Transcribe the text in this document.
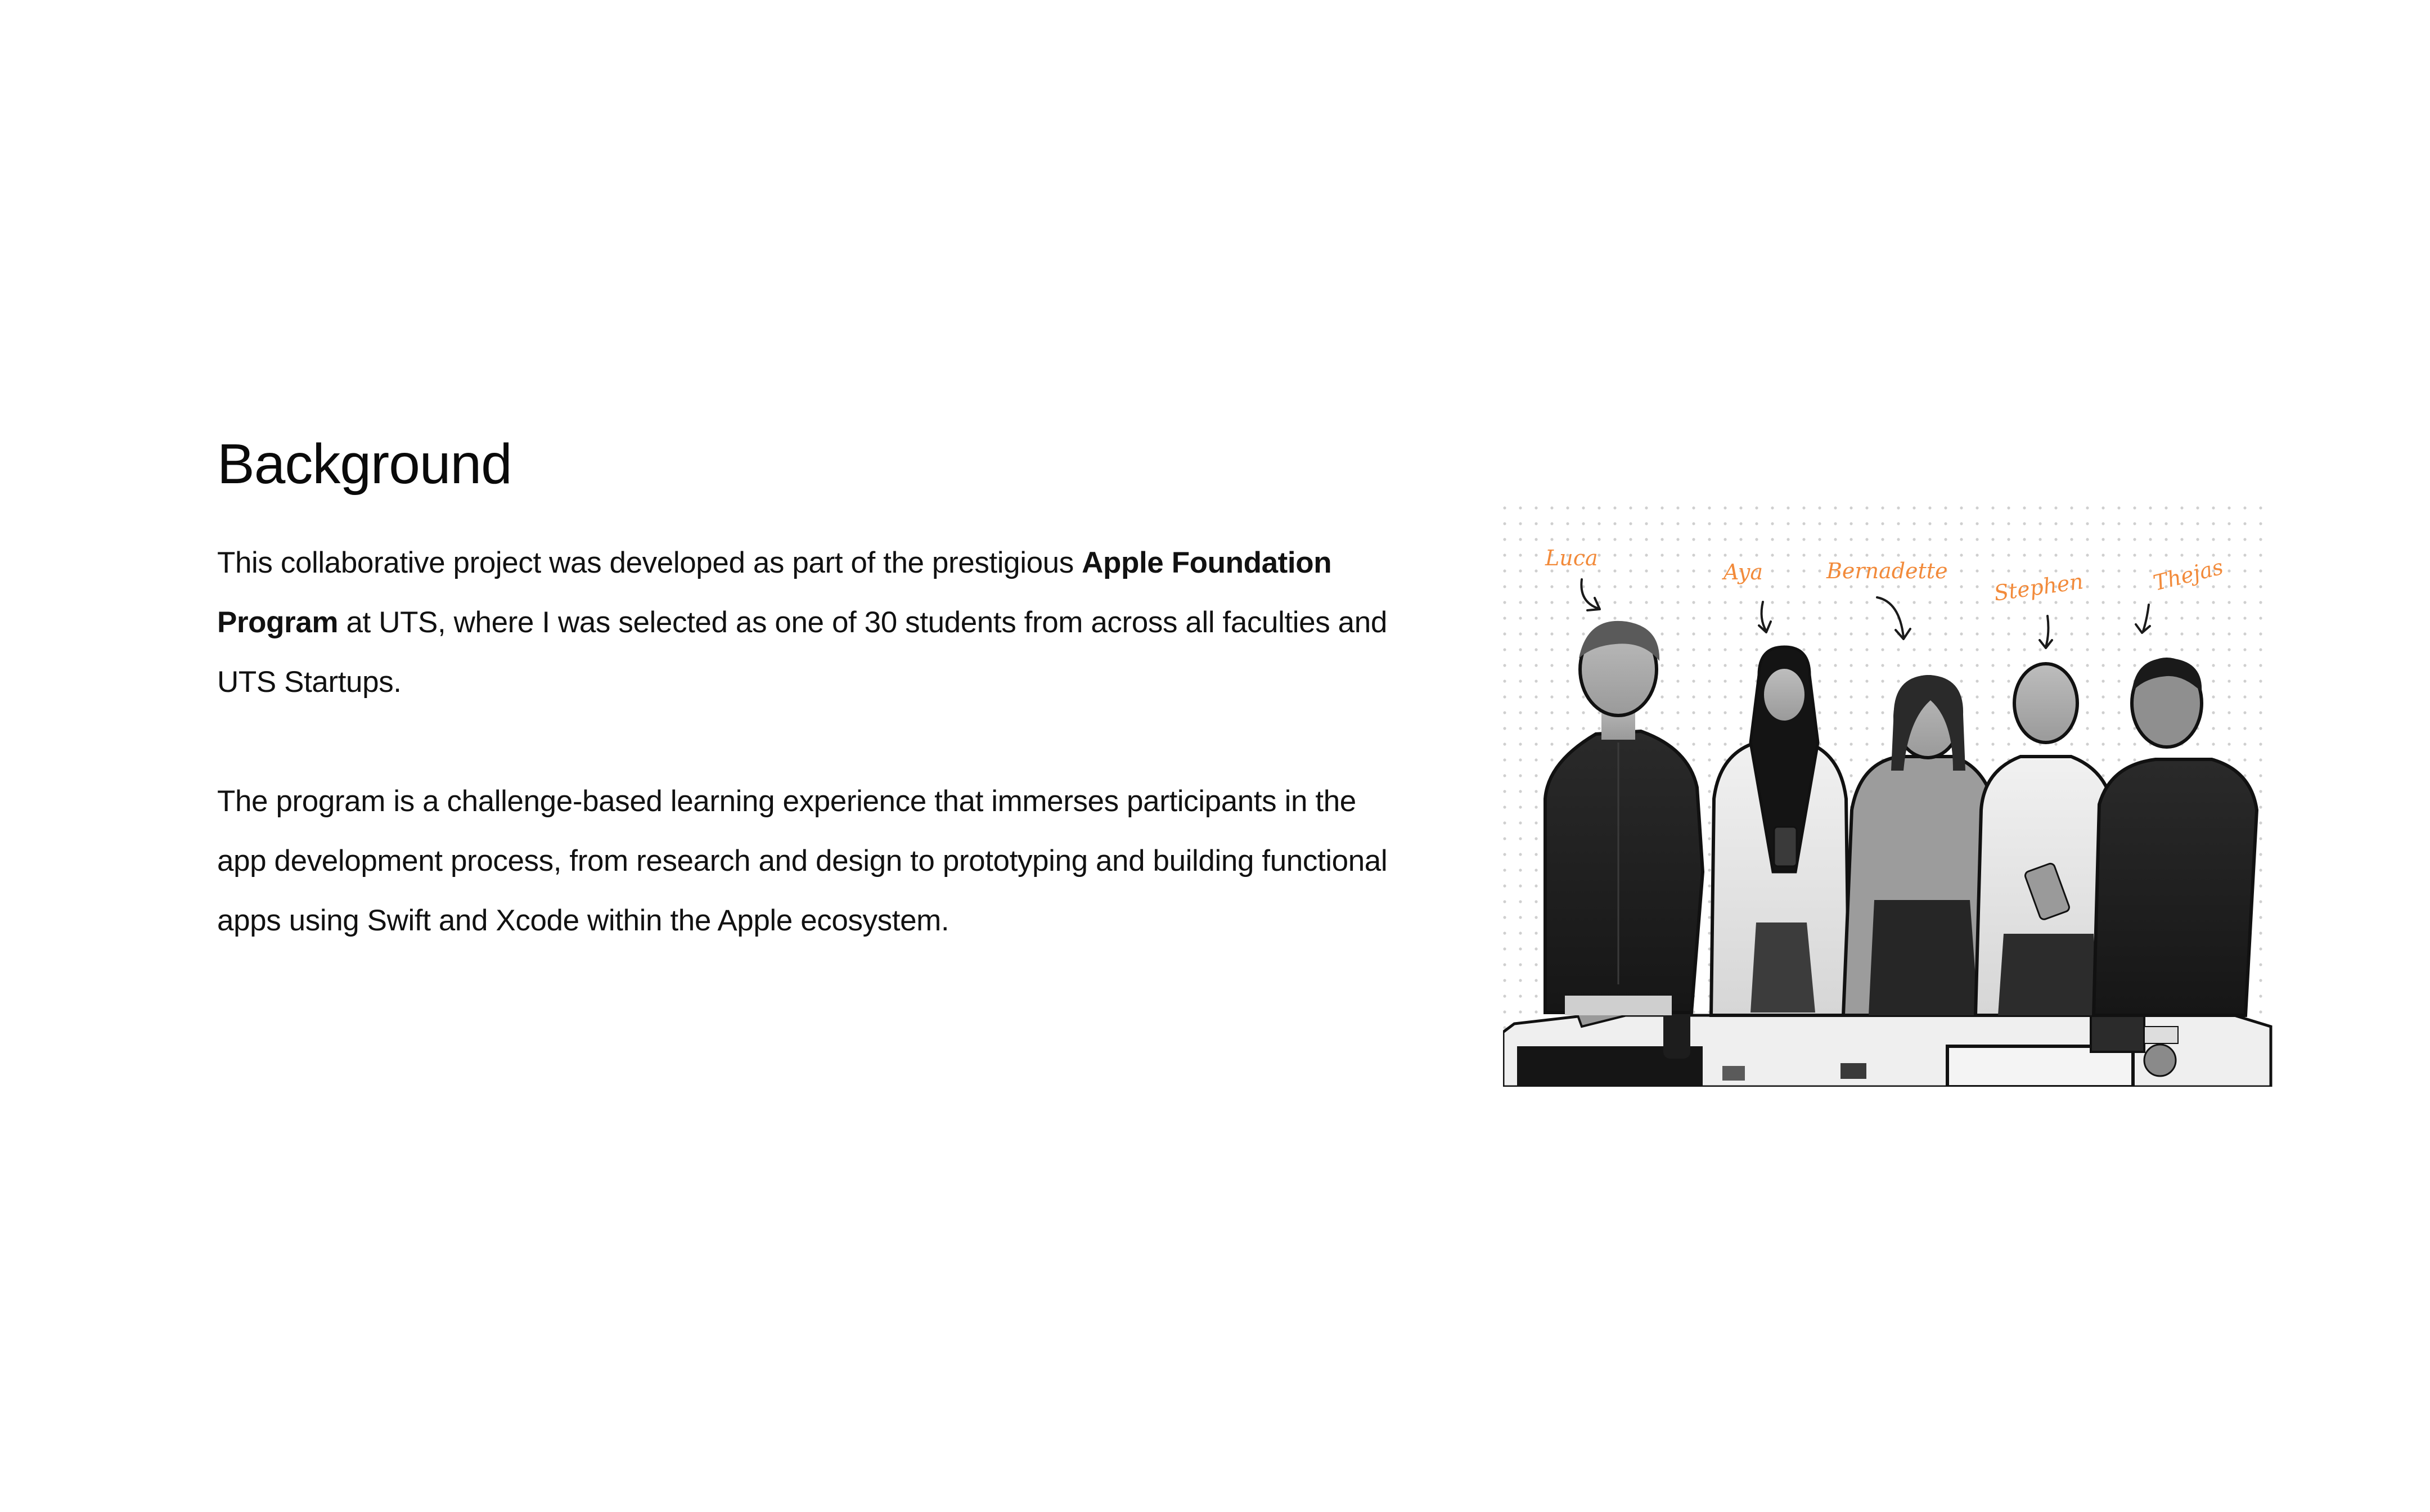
Background

This collaborative project was developed as part of the prestigious Apple Foundation Program at UTS, where I was selected as one of 30 students from across all faculties and UTS Startups.

The program is a challenge-based learning experience that immerses participants in the app development process, from research and design to prototyping and building functional apps using Swift and Xcode within the Apple ecosystem.

Luca
Aya	Bernadette Stephen	Thejas
